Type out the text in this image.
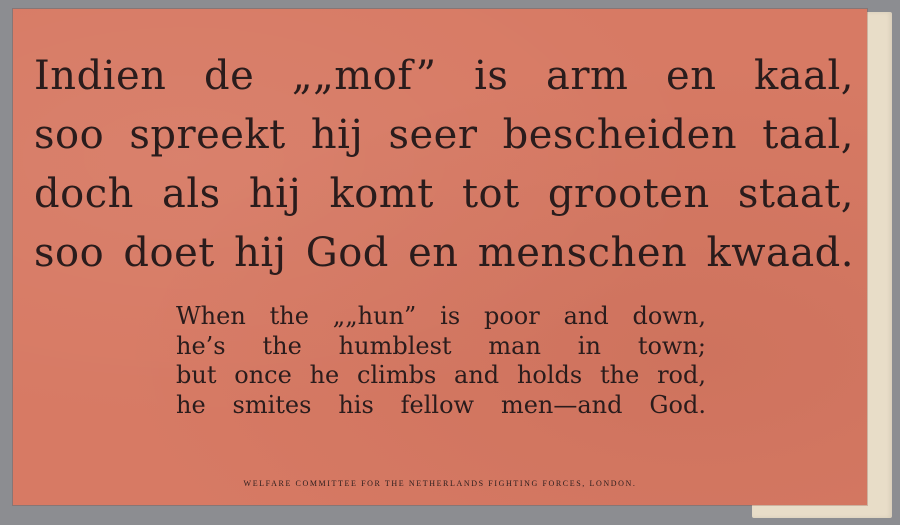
Indien de „„mof” is arm en kaal,
soo spreekt hij seer bescheiden taal,
doch als hij komt tot grooten staat,
soo doet hij God en menschen kwaad.
When the „„hun” is poor and down,
he’s the humblest man in town;
but once he climbs and holds the rod,
he smites his fellow men—and God.
WELFARE COMMITTEE FOR THE NETHERLANDS FIGHTING FORCES, LONDON.
